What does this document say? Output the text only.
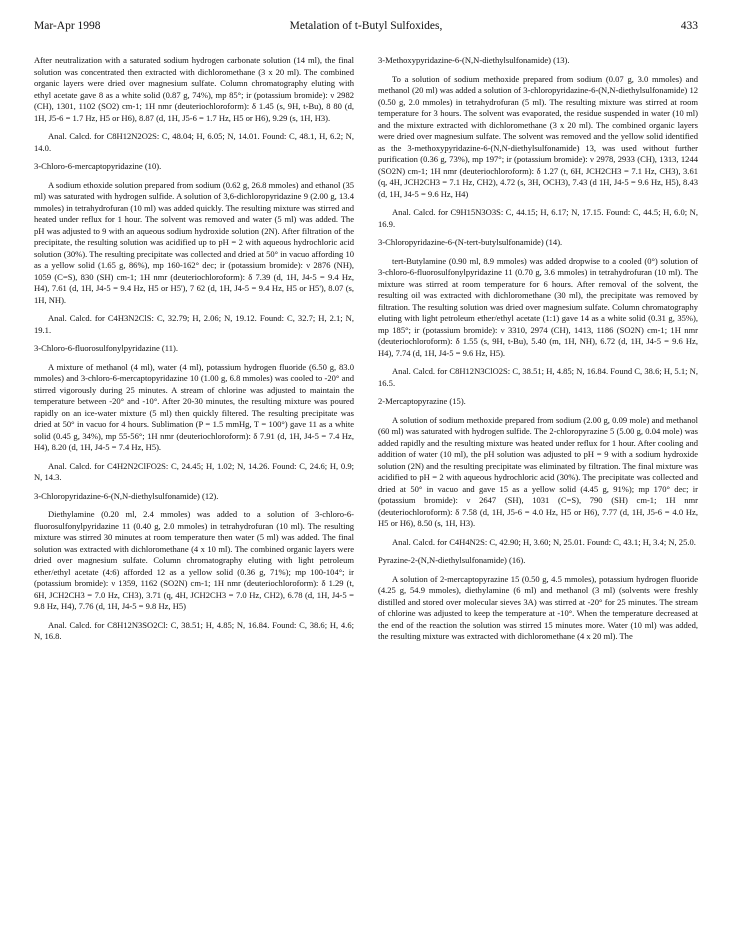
Mar-Apr 1998	Metalation of t-Butyl Sulfoxides,	433

After neutralization with a saturated sodium hydrogen carbonate solution (14 ml), the final solution was concentrated then extracted with dichloromethane (3 x 20 ml). The combined organic layers were dried over magnesium sulfate. Column chromatography eluting with ethyl acetate gave 8 as a white solid (0.87 g, 74%), mp 85°; ir (potassium bromide): ν 2982 (CH), 1301, 1102 (SO2) cm-1; 1H nmr (deuteriochloroform): δ 1.45 (s, 9H, t-Bu), 8 80 (d, 1H, J5-6 = 1.7 Hz, H5 or H6), 8.87 (d, 1H, J5-6 = 1.7 Hz, H5 or H6), 9.29 (s, 1H, H3).

Anal. Calcd. for C8H12N2O2S: C, 48.04; H, 6.05; N, 14.01. Found: C, 48.1, H, 6.2; N, 14.0.

3-Chloro-6-mercaptopyridazine (10).

A sodium ethoxide solution prepared from sodium (0.62 g, 26.8 mmoles) and ethanol (35 ml) was saturated with hydrogen sulfide. A solution of 3,6-dichloropyridazine 9 (2.00 g, 13.4 mmoles) in tetrahydrofuran (10 ml) was added quickly. The resulting mixture was stirred and heated under reflux for 1 hour. The solvent was removed and water (5 ml) was added. The pH was adjusted to 9 with an aqueous sodium hydroxide solution (2N). After filtration of the precipitate, the resulting solution was acidified up to pH = 2 with aqueous hydrochloric acid solution (30%). The resulting precipitate was collected and dried at 50° in vacuo affording 10 as a yellow solid (1.65 g, 86%), mp 160-162° dec; ir (potassium bromide): ν 2876 (NH), 1059 (C=S), 830 (SH) cm-1; 1H nmr (deuteriochloroform): δ 7.39 (d, 1H, J4-5 = 9.4 Hz, H4), 7.61 (d, 1H, J4-5 = 9.4 Hz, H5 or H5'), 7 62 (d, 1H, J4-5 = 9.4 Hz, H5 or H5'), 8.07 (s, 1H, NH).

Anal. Calcd. for C4H3N2ClS: C, 32.79; H, 2.06; N, 19.12. Found: C, 32.7; H, 2.1; N, 19.1.

3-Chloro-6-fluorosulfonylpyridazine (11).

A mixture of methanol (4 ml), water (4 ml), potassium hydrogen fluoride (6.50 g, 83.0 mmoles) and 3-chloro-6-mercaptopyridazine 10 (1.00 g, 6.8 mmoles) was cooled to -20° and stirred vigorously during 25 minutes. A stream of chlorine was adjusted to maintain the temperature between -20° and -10°. After 20-30 minutes, the resulting mixture was poured rapidly on an ice-water mixture (5 ml) then quickly filtered. The resulting precipitate was dried at 50° in vacuo for 4 hours. Sublimation (P = 1.5 mmHg, T = 100°) gave 11 as a white solid (0.45 g, 34%), mp 55-56°; 1H nmr (deuteriochloroform): δ 7.91 (d, 1H, J4-5 = 7.4 Hz, H4), 8.20 (d, 1H, J4-5 = 7.4 Hz, H5).

Anal. Calcd. for C4H2N2ClFO2S: C, 24.45; H, 1.02; N, 14.26. Found: C, 24.6; H, 0.9; N, 14.3.

3-Chloropyridazine-6-(N,N-diethylsulfonamide) (12).

Diethylamine (0.20 ml, 2.4 mmoles) was added to a solution of 3-chloro-6-fluorosulfonylpyridazine 11 (0.40 g, 2.0 mmoles) in tetrahydrofuran (10 ml). The resulting mixture was stirred 30 minutes at room temperature then water (5 ml) was added. The final solution was extracted with dichloromethane (4 x 10 ml). The combined organic layers were dried over magnesium sulfate. Column chromatography eluting with light petroleum ether/ethyl acetate (4:6) afforded 12 as a yellow solid (0.36 g, 71%); mp 100-104°; ir (potassium bromide): ν 1359, 1162 (SO2N) cm-1; 1H nmr (deuteriochloroform): δ 1.29 (t, 6H, JCH2CH3 = 7.0 Hz, CH3), 3.71 (q, 4H, JCH2CH3 = 7.0 Hz, CH2), 6.78 (d, 1H, J4-5 = 9.8 Hz, H4), 7.76 (d, 1H, J4-5 = 9.8 Hz, H5)

Anal. Calcd. for C8H12N3SO2Cl: C, 38.51; H, 4.85; N, 16.84. Found: C, 38.6; H, 4.6; N, 16.8.

3-Methoxypyridazine-6-(N,N-diethylsulfonamide) (13).

To a solution of sodium methoxide prepared from sodium (0.07 g, 3.0 mmoles) and methanol (20 ml) was added a solution of 3-chloropyridazine-6-(N,N-diethylsulfonamide) 12 (0.50 g, 2.0 mmoles) in tetrahydrofuran (5 ml). The resulting mixture was stirred at room temperature for 3 hours. The solvent was evaporated, the residue suspended in water (10 ml) and the mixture extracted with dichloromethane (3 x 20 ml). The combined organic layers were dried over magnesium sulfate. The solvent was removed and the yellow solid identified as the 3-methoxypyridazine-6-(N,N-diethylsulfonamide) 13, was used without further purification (0.36 g, 73%), mp 197°; ir (potassium bromide): ν 2978, 2933 (CH), 1313, 1244 (SO2N) cm-1; 1H nmr (deuteriochloroform): δ 1.27 (t, 6H, JCH2CH3 = 7.1 Hz, CH3), 3.61 (q, 4H, JCH2CH3 = 7.1 Hz, CH2), 4.72 (s, 3H, OCH3), 7.43 (d 1H, J4-5 = 9.6 Hz, H5), 8.43 (d, 1H, J4-5 = 9.6 Hz, H4)

Anal. Calcd. for C9H15N3O3S: C, 44.15; H, 6.17; N, 17.15. Found: C, 44.5; H, 6.0; N, 16.9.

3-Chloropyridazine-6-(N-tert-butylsulfonamide) (14).

tert-Butylamine (0.90 ml, 8.9 mmoles) was added dropwise to a cooled (0°) solution of 3-chloro-6-fluorosulfonylpyridazine 11 (0.70 g, 3.6 mmoles) in tetrahydrofuran (10 ml). The mixture was stirred at room temperature for 6 hours. After removal of the solvent, the resulting oil was extracted with dichloromethane (30 ml), the precipitate was removed by filtration. The resulting solution was dried over magnesium sulfate. Column chromatography eluting with light petroleum ether/ethyl acetate (1:1) gave 14 as a white solid (0.31 g, 35%), mp 185°; ir (potassium bromide): ν 3310, 2974 (CH), 1413, 1186 (SO2N) cm-1; 1H nmr (deuteriochloroform): δ 1.55 (s, 9H, t-Bu), 5.40 (m, 1H, NH), 6.72 (d, 1H, J4-5 = 9.6 Hz, H4), 7.74 (d, 1H, J4-5 = 9.6 Hz, H5).

Anal. Calcd. for C8H12N3ClO2S: C, 38.51; H, 4.85; N, 16.84. Found C, 38.6; H, 5.1; N, 16.5.

2-Mercaptopyrazine (15).

A solution of sodium methoxide prepared from sodium (2.00 g, 0.09 mole) and methanol (60 ml) was saturated with hydrogen sulfide. The 2-chloropyrazine 5 (5.00 g, 0.04 mole) was added rapidly and the resulting mixture was heated under reflux for 1 hour. After cooling and addition of water (10 ml), the pH solution was adjusted to pH = 9 with a sodium hydroxide solution (2N) and the resulting precipitate was eliminated by filtration. The final mixture was acidified to pH = 2 with aqueous hydrochloric acid (30%). The precipitate was collected and dried at 50° in vacuo and gave 15 as a yellow solid (4.45 g, 91%); mp 170° dec; ir (potassium bromide): ν 2647 (SH), 1031 (C=S), 790 (SH) cm-1; 1H nmr (deuteriochloroform): δ 7.58 (d, 1H, J5-6 = 4.0 Hz, H5 or H6), 7.77 (d, 1H, J5-6 = 4.0 Hz, H5 or H6), 8.50 (s, 1H, H3).

Anal. Calcd. for C4H4N2S: C, 42.90; H, 3.60; N, 25.01. Found: C, 43.1; H, 3.4; N, 25.0.

Pyrazine-2-(N,N-diethylsulfonamide) (16).

A solution of 2-mercaptopyrazine 15 (0.50 g, 4.5 mmoles), potassium hydrogen fluoride (4.25 g, 54.9 mmoles), diethylamine (6 ml) and methanol (3 ml) (solvents were freshly distilled and stored over molecular sieves 3A) was stirred at -20° for 25 minutes. The stream of chlorine was adjusted to keep the temperature at -10°. When the temperature decreased at the end of the reaction the solution was stirred 15 minutes more. Water (10 ml) was added, the resulting mixture was extracted with dichloromethane (4 x 20 ml). The
